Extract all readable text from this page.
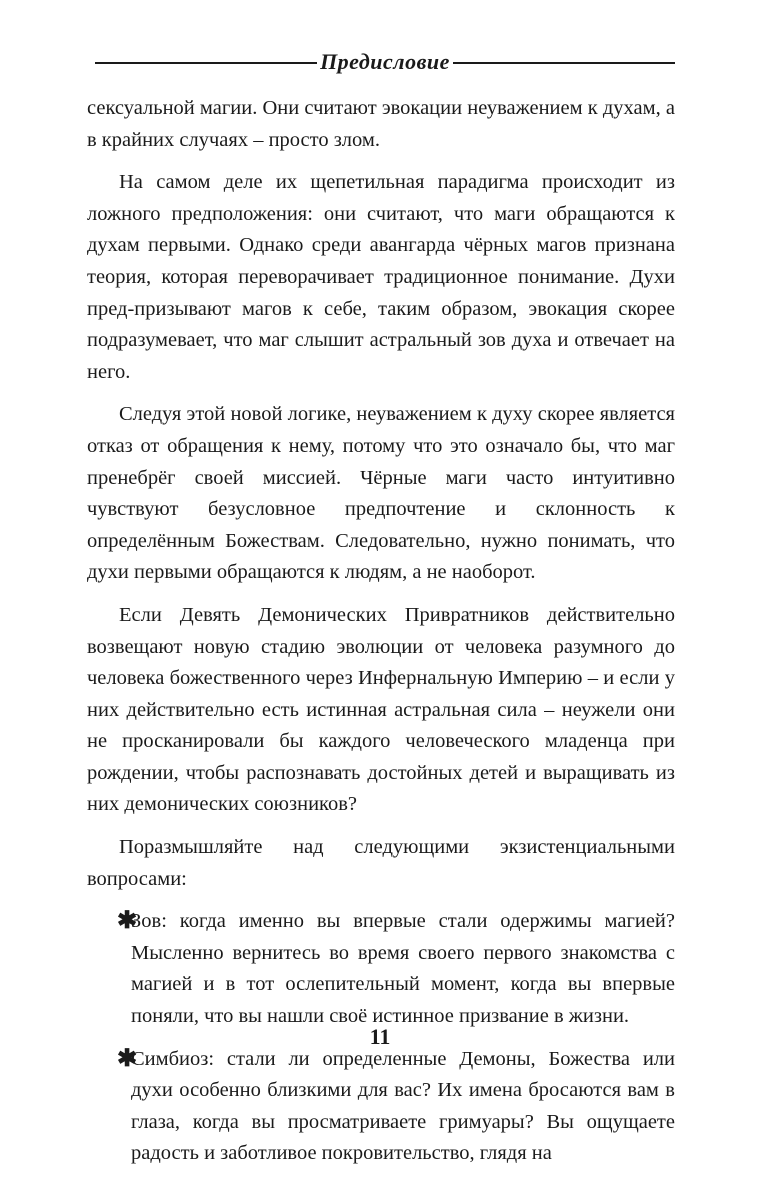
Предисловие

сексуальной магии. Они считают эвокации неуважением к духам, а в крайних случаях – просто злом.

На самом деле их щепетильная парадигма происходит из ложного предположения: они считают, что маги обращаются к духам первыми. Однако среди авангарда чёрных магов признана теория, которая переворачивает традиционное понимание. Духи пред-призывают магов к себе, таким образом, эвокация скорее подразумевает, что маг слышит астральный зов духа и отвечает на него.

Следуя этой новой логике, неуважением к духу скорее является отказ от обращения к нему, потому что это означало бы, что маг пренебрёг своей миссией. Чёрные маги часто интуитивно чувствуют безусловное предпочтение и склонность к определённым Божествам. Следовательно, нужно понимать, что духи первыми обращаются к людям, а не наоборот.

Если Девять Демонических Привратников действительно возвещают новую стадию эволюции от человека разумного до человека божественного через Инфернальную Империю – и если у них действительно есть истинная астральная сила – неужели они не просканировали бы каждого человеческого младенца при рождении, чтобы распознавать достойных детей и выращивать из них демонических союзников?

Поразмышляйте над следующими экзистенциальными вопросами:

✱
Зов: когда именно вы впервые стали одержимы магией? Мысленно вернитесь во время своего первого знакомства с магией и в тот ослепительный момент, когда вы впервые поняли, что вы нашли своё истинное призвание в жизни.
✱
Симбиоз: стали ли определенные Демоны, Божества или духи особенно близкими для вас? Их имена бросаются вам в глаза, когда вы просматриваете гримуары? Вы ощущаете радость и заботливое покровительство, глядя на
11
